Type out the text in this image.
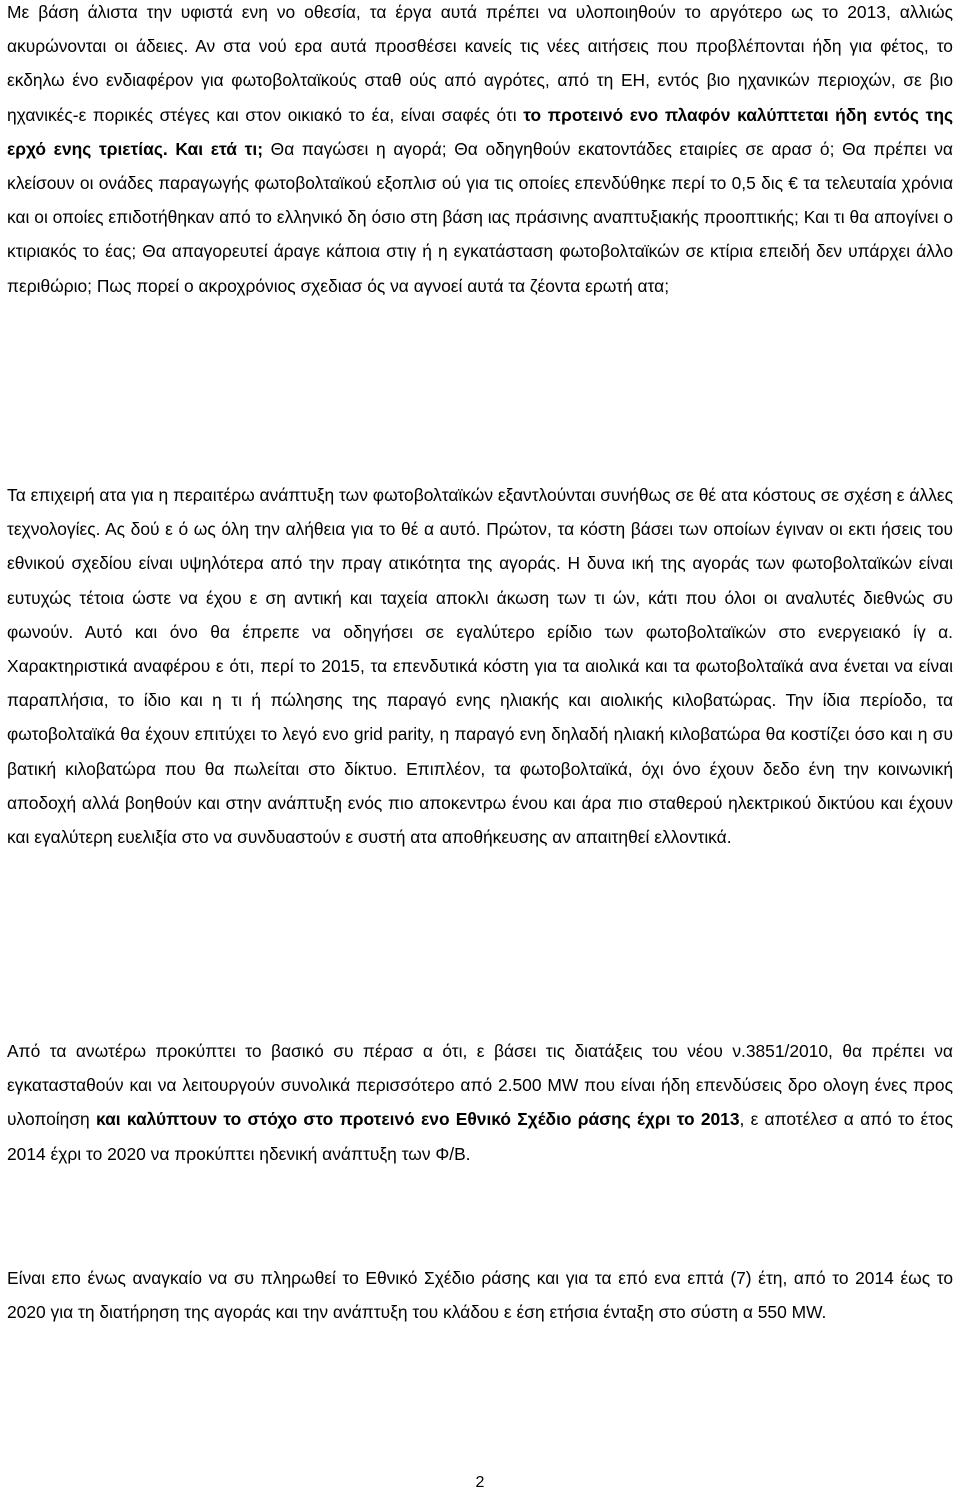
Με βάση άλιστα την υφιστά ενη νο οθεσία, τα έργα αυτά πρέπει να υλοποιηθούν το αργότερο ως το 2013, αλλιώς ακυρώνονται οι άδειες. Αν στα νού ερα αυτά προσθέσει κανείς τις νέες αιτήσεις που προβλέπονται ήδη για φέτος, το εκδηλω ένο ενδιαφέρον για φωτοβολταϊκούς σταθ ούς από αγρότες, από τη ΕΗ, εντός βιο ηχανικών περιοχών, σε βιο ηχανικές-ε πορικές στέγες και στον οικιακό το έα, είναι σαφές ότι το προτεινό ενο πλαφόν καλύπτεται ήδη εντός της ερχό ενης τριετίας. Και ετά τι; Θα παγώσει η αγορά; Θα οδηγηθούν εκατοντάδες εταιρίες σε αρασ ό; Θα πρέπει να κλείσουν οι ονάδες παραγωγής φωτοβολταϊκού εξοπλισ ού για τις οποίες επενδύθηκε περί το 0,5 δις € τα τελευταία χρόνια και οι οποίες επιδοτήθηκαν από το ελληνικό δη όσιο στη βάση ιας πράσινης αναπτυξιακής προοπτικής; Και τι θα απογίνει ο κτιριακός το έας; Θα απαγορευτεί άραγε κάποια στιγ ή η εγκατάσταση φωτοβολταϊκών σε κτίρια επειδή δεν υπάρχει άλλο περιθώριο; Πως πορεί ο ακροχρόνιος σχεδιασ ός να αγνοεί αυτά τα ζέοντα ερωτή ατα;

Τα επιχειρή ατα για η περαιτέρω ανάπτυξη των φωτοβολταϊκών εξαντλούνται συνήθως σε θέ ατα κόστους σε σχέση ε άλλες τεχνολογίες. Ας δού ε ό ως όλη την αλήθεια για το θέ α αυτό. Πρώτον, τα κόστη βάσει των οποίων έγιναν οι εκτι ήσεις του εθνικού σχεδίου είναι υψηλότερα από την πραγ ατικότητα της αγοράς. Η δυνα ική της αγοράς των φωτοβολταϊκών είναι ευτυχώς τέτοια ώστε να έχου ε ση αντική και ταχεία αποκλι άκωση των τι ών, κάτι που όλοι οι αναλυτές διεθνώς συ φωνούν. Αυτό και όνο θα έπρεπε να οδηγήσει σε εγαλύτερο ερίδιο των φωτοβολταϊκών στο ενεργειακό ίγ α. Χαρακτηριστικά αναφέρου ε ότι, περί το 2015, τα επενδυτικά κόστη για τα αιολικά και τα φωτοβολταϊκά ανα ένεται να είναι παραπλήσια, το ίδιο και η τι ή πώλησης της παραγό ενης ηλιακής και αιολικής κιλοβατώρας. Την ίδια περίοδο, τα φωτοβολταϊκά θα έχουν επιτύχει το λεγό ενο grid parity, η παραγό ενη δηλαδή ηλιακή κιλοβατώρα θα κοστίζει όσο και η συ βατική κιλοβατώρα που θα πωλείται στο δίκτυο. Επιπλέον, τα φωτοβολταϊκά, όχι όνο έχουν δεδο ένη την κοινωνική αποδοχή αλλά βοηθούν και στην ανάπτυξη ενός πιο αποκεντρω ένου και άρα πιο σταθερού ηλεκτρικού δικτύου και έχουν και εγαλύτερη ευελιξία στο να συνδυαστούν ε συστή ατα αποθήκευσης αν απαιτηθεί ελλοντικά.

Από τα ανωτέρω προκύπτει το βασικό συ πέρασ α ότι, ε βάσει τις διατάξεις του νέου ν.3851/2010, θα πρέπει να εγκατασταθούν και να λειτουργούν συνολικά περισσότερο από 2.500 MW που είναι ήδη επενδύσεις δρο ολογη ένες προς υλοποίηση και καλύπτουν το στόχο στο προτεινό ενο Εθνικό Σχέδιο ράσης έχρι το 2013, ε αποτέλεσ α από το έτος 2014 έχρι το 2020 να προκύπτει ηδενική ανάπτυξη των Φ/Β.

Είναι επο ένως αναγκαίο να συ πληρωθεί το Εθνικό Σχέδιο ράσης και για τα επό ενα επτά (7) έτη, από το 2014 έως το 2020 για τη διατήρηση της αγοράς και την ανάπτυξη του κλάδου ε έση ετήσια ένταξη στο σύστη α 550 MW.

2
